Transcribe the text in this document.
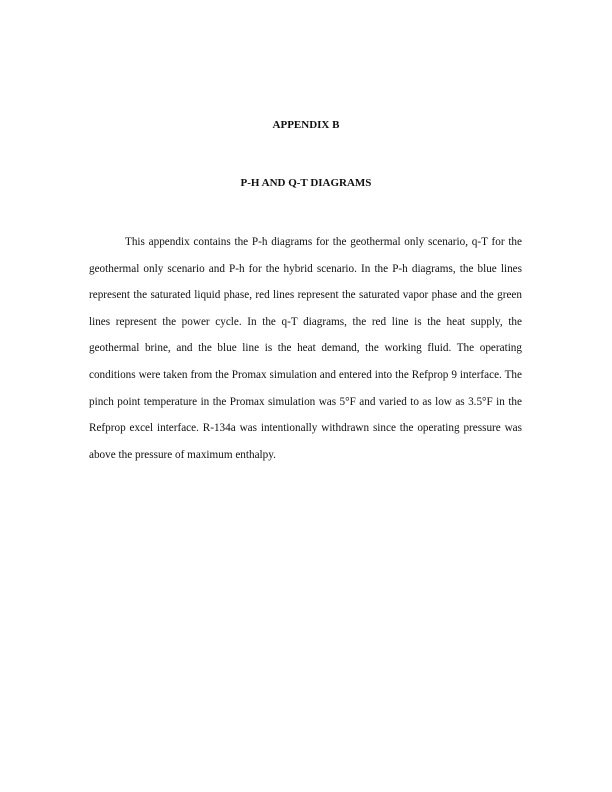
APPENDIX B
P-H AND Q-T DIAGRAMS

This appendix contains the P-h diagrams for the geothermal only scenario, q-T for the geothermal only scenario and P-h for the hybrid scenario. In the P-h diagrams, the blue lines represent the saturated liquid phase, red lines represent the saturated vapor phase and the green lines represent the power cycle. In the q-T diagrams, the red line is the heat supply, the geothermal brine, and the blue line is the heat demand, the working fluid. The operating conditions were taken from the Promax simulation and entered into the Refprop 9 interface. The pinch point temperature in the Promax simulation was 5°F and varied to as low as 3.5°F in the Refprop excel interface. R-134a was intentionally withdrawn since the operating pressure was above the pressure of maximum enthalpy.
